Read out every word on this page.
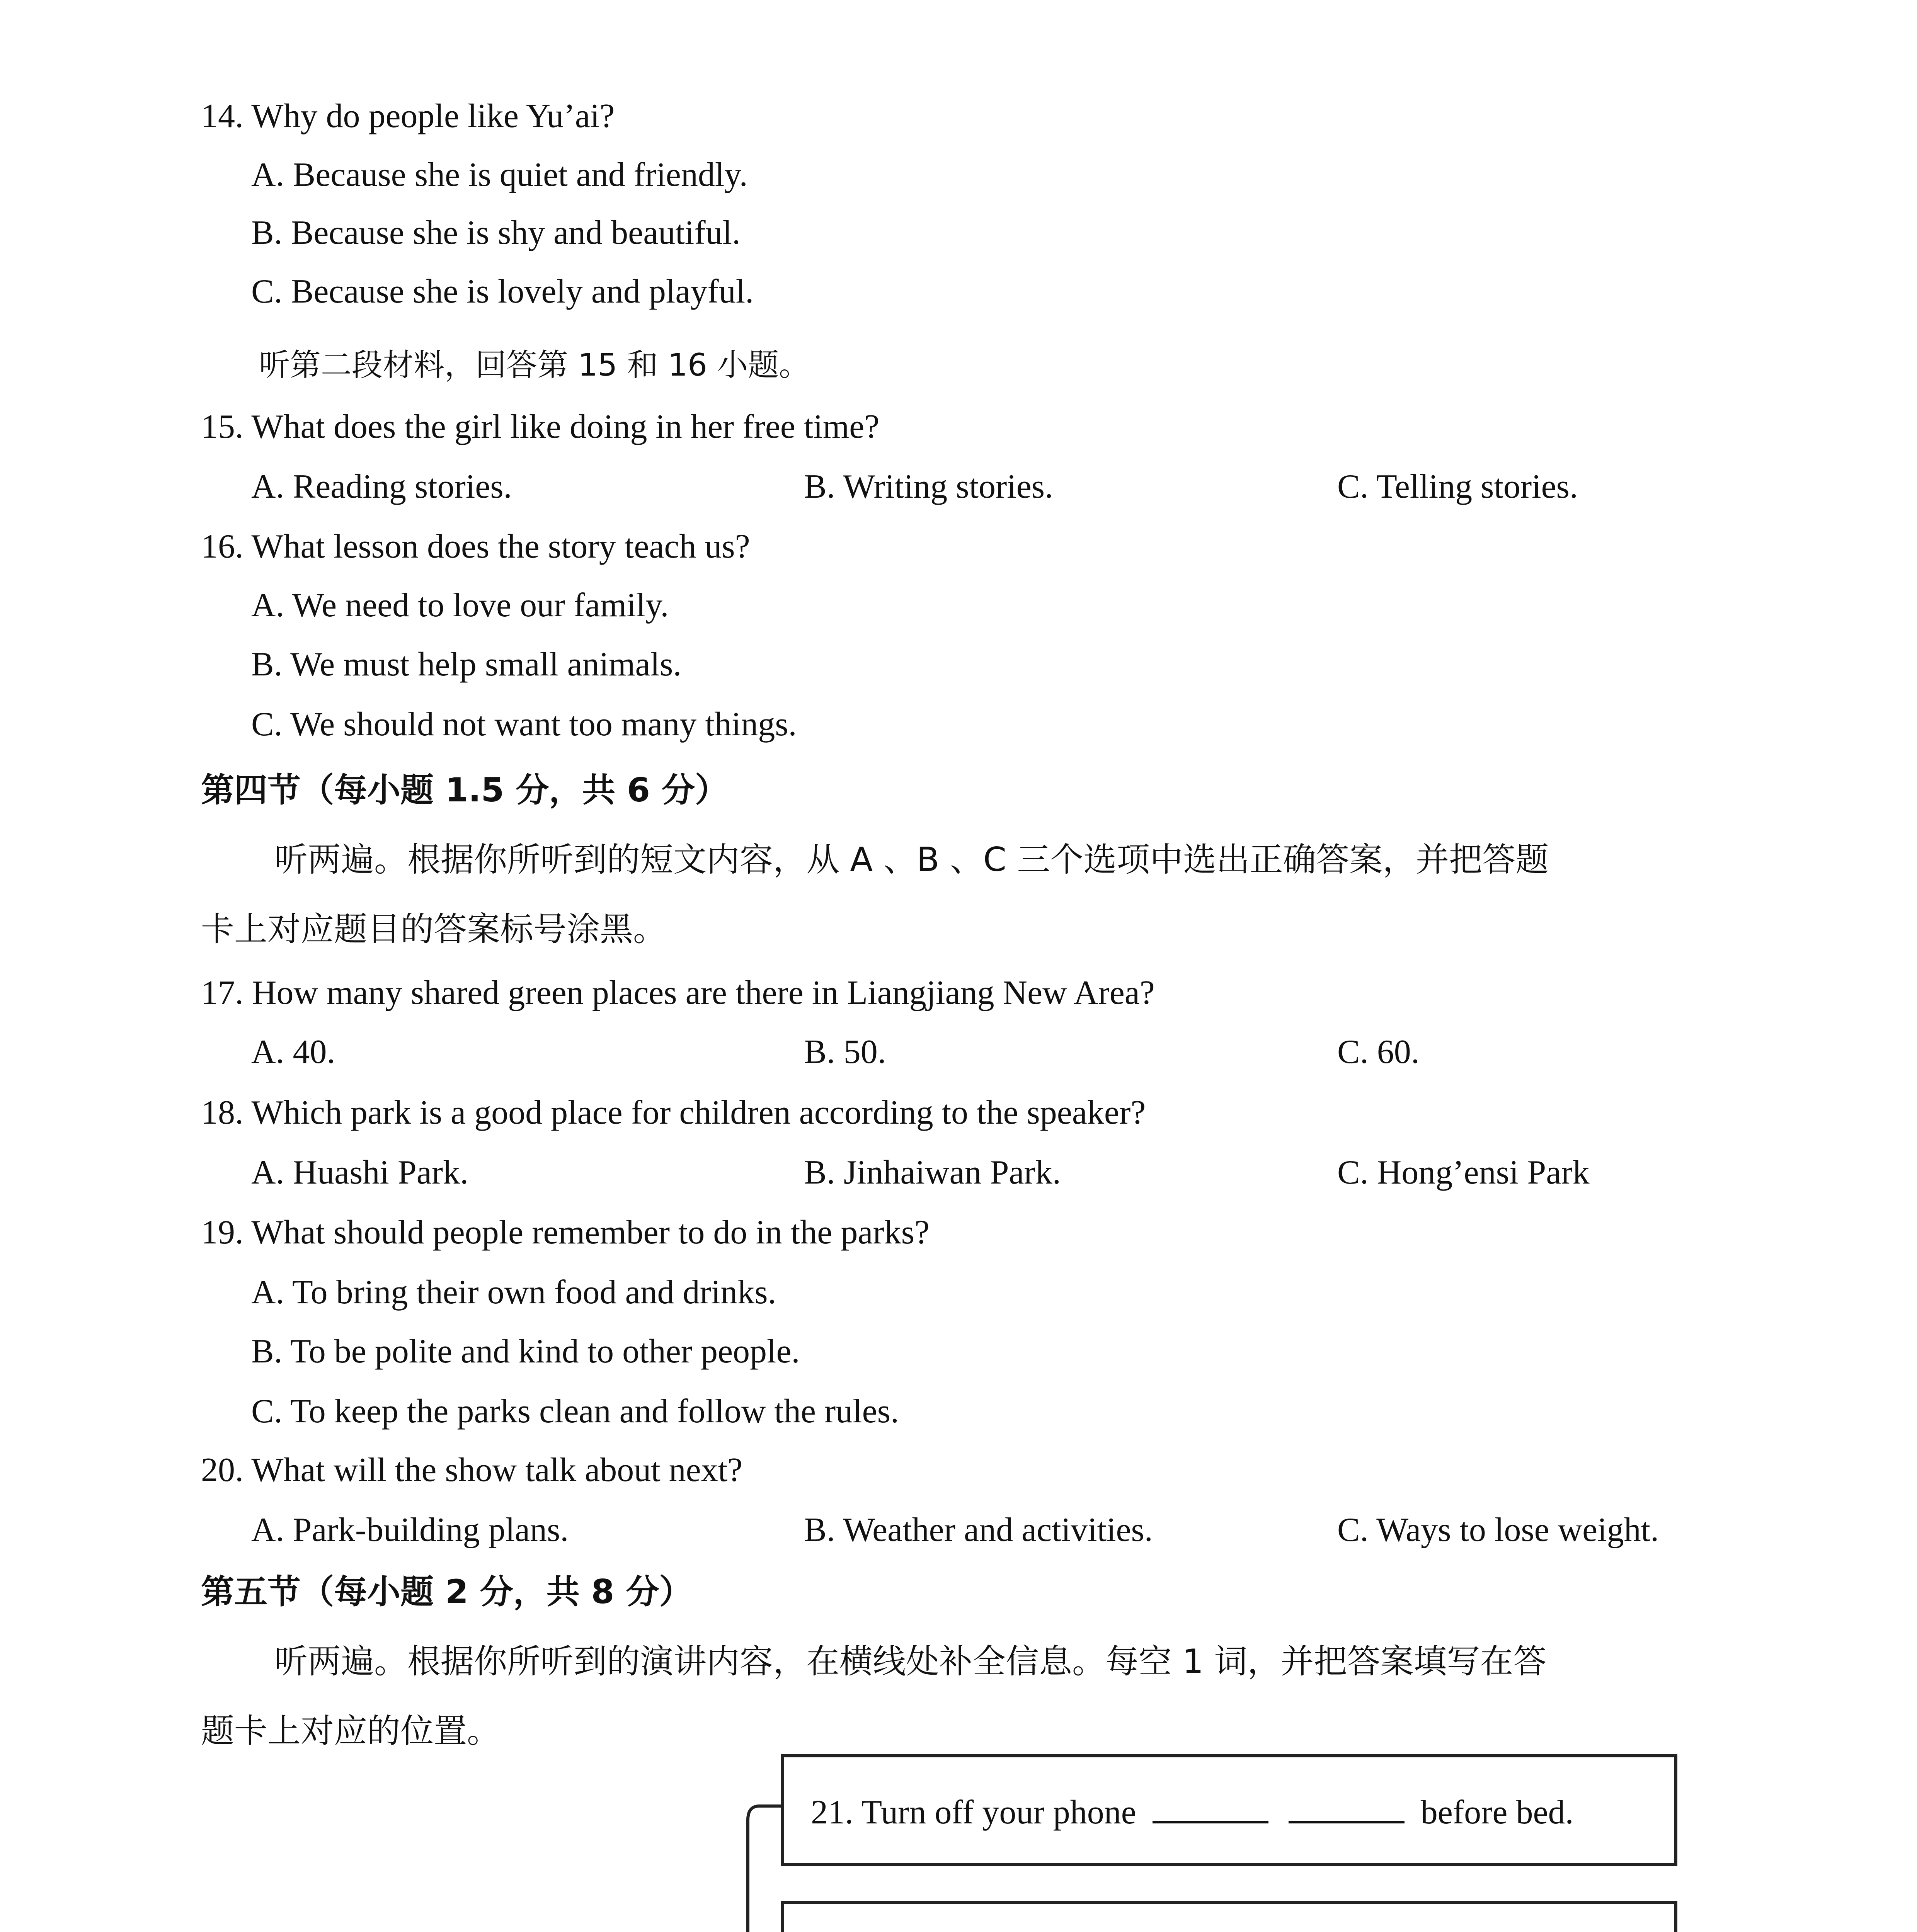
14. Why do people like Yu’ai?
A. Because she is quiet and friendly.
B. Because she is shy and beautiful.
C. Because she is lovely and playful.
听第二段材料，回答第 15 和 16 小题。
15. What does the girl like doing in her free time?
A. Reading stories.	B. Writing stories.	C. Telling stories.
16. What lesson does the story teach us?
A. We need to love our family.
B. We must help small animals.
C. We should not want too many things.
第四节（每小题 1.5 分，共 6 分）
听两遍。根据你所听到的短文内容，从 A 、B 、C 三个选项中选出正确答案，并把答题
卡上对应题目的答案标号涂黑。
17. How many shared green places are there in Liangjiang New Area?
A. 40.	B. 50.	C. 60.
18. Which park is a good place for children according to the speaker?
A. Huashi Park.	B. Jinhaiwan Park.	C. Hong’ensi Park
19. What should people remember to do in the parks?
A. To bring their own food and drinks.
B. To be polite and kind to other people.
C. To keep the parks clean and follow the rules.
20. What will the show talk about next?
A. Park-building plans.	B. Weather and activities.	C. Ways to lose weight.
第五节（每小题 2 分，共 8 分）
听两遍。根据你所听到的演讲内容，在横线处补全信息。每空 1 词，并把答案填写在答
题卡上对应的位置。
21. Turn off your phone	before bed.
